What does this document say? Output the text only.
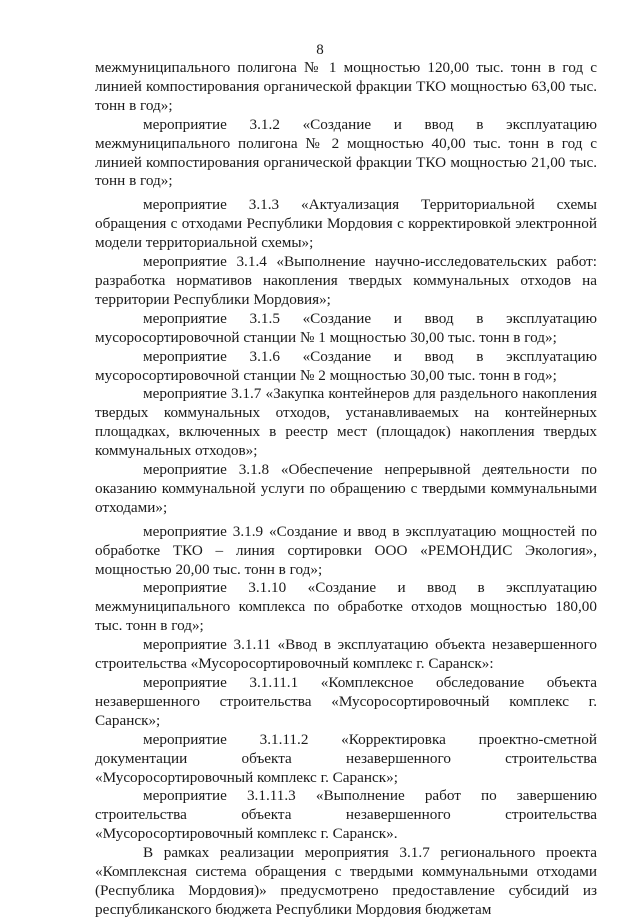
8

межмуниципального полигона № 1 мощностью 120,00 тыс. тонн в год с линией компостирования органической фракции ТКО мощностью 63,00 тыс. тонн в год»;

мероприятие 3.1.2 «Создание и ввод в эксплуатацию межмуниципального полигона № 2 мощностью 40,00 тыс. тонн в год с линией компостирования органической фракции ТКО мощностью 21,00 тыс. тонн в год»;

мероприятие 3.1.3 «Актуализация Территориальной схемы обращения с отходами Республики Мордовия с корректировкой электронной модели территориальной схемы»;

мероприятие 3.1.4 «Выполнение научно-исследовательских работ: разработка нормативов накопления твердых коммунальных отходов на территории Республики Мордовия»;

мероприятие 3.1.5 «Создание и ввод в эксплуатацию мусоросортировочной станции № 1 мощностью 30,00 тыс. тонн в год»;

мероприятие 3.1.6 «Создание и ввод в эксплуатацию мусоросортировочной станции № 2 мощностью 30,00 тыс. тонн в год»;

мероприятие 3.1.7 «Закупка контейнеров для раздельного накопления твердых коммунальных отходов, устанавливаемых на контейнерных площадках, включенных в реестр мест (площадок) накопления твердых коммунальных отходов»;

мероприятие 3.1.8 «Обеспечение непрерывной деятельности по оказанию коммунальной услуги по обращению с твердыми коммунальными отходами»;

мероприятие 3.1.9 «Создание и ввод в эксплуатацию мощностей по обработке ТКО – линия сортировки ООО «РЕМОНДИС Экология», мощностью 20,00 тыс. тонн в год»;

мероприятие 3.1.10 «Создание и ввод в эксплуатацию межмуниципального комплекса по обработке отходов мощностью 180,00 тыс. тонн в год»;

мероприятие 3.1.11 «Ввод в эксплуатацию объекта незавершенного строительства «Мусоросортировочный комплекс г. Саранск»:

мероприятие 3.1.11.1 «Комплексное обследование объекта незавершенного строительства «Мусоросортировочный комплекс г. Саранск»;

мероприятие 3.1.11.2 «Корректировка проектно-сметной документации объекта незавершенного строительства «Мусоросортировочный комплекс г. Саранск»;

мероприятие 3.1.11.3 «Выполнение работ по завершению строительства объекта незавершенного строительства «Мусоросортировочный комплекс г. Саранск».

В рамках реализации мероприятия 3.1.7 регионального проекта «Комплексная система обращения с твердыми коммунальными отходами (Республика Мордовия)» предусмотрено предоставление субсидий из республиканского бюджета Республики Мордовия бюджетам
